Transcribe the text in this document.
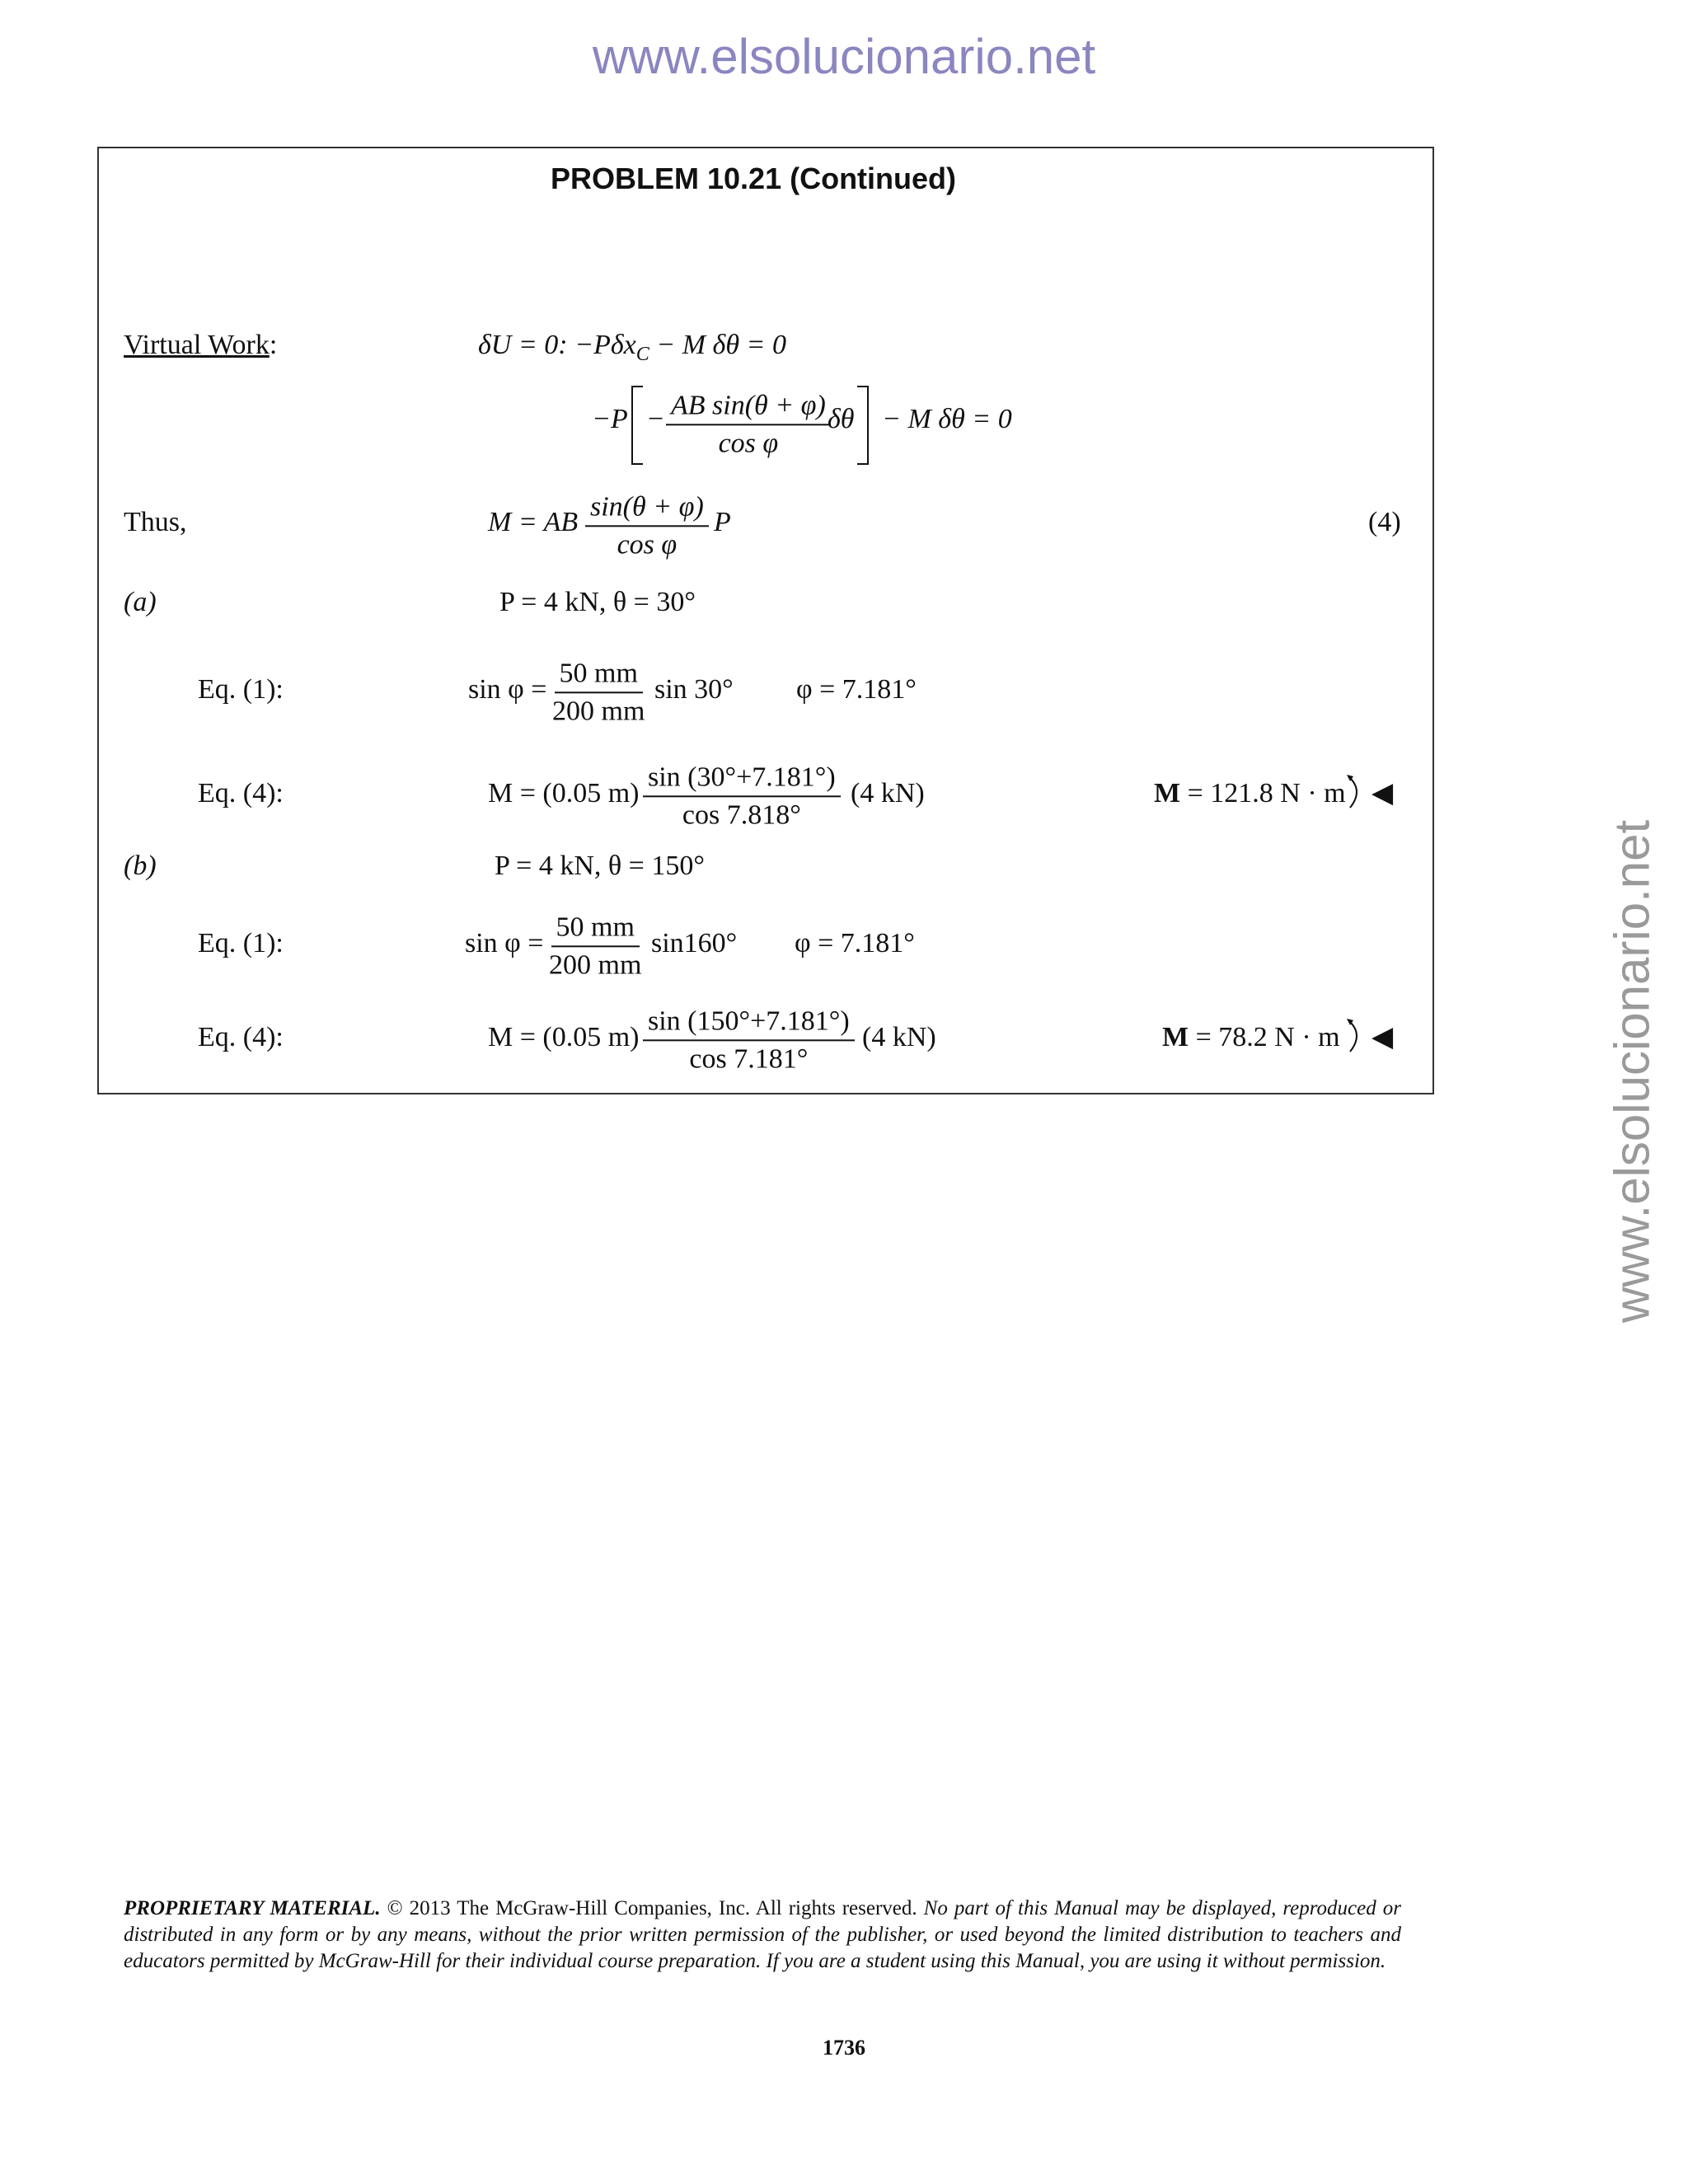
www.elsolucionario.net
www.elsolucionario.net
PROBLEM 10.21 (Continued)
Virtual Work:	δU = 0: −Pδx$_C$ − M δθ = 0
$-P - \frac{\text{AB sin(θ + φ)}}{\text{cos φ}}$
δθ − M δθ = 0
Thus,	M = AB $\frac{\sin(\theta + \varphi)}{\text{cos φ}}$ P	(4)
(a)	P = 4 kN, θ = 30°
Eq. (1):	$\sin \varphi = \frac{50 mm}{200 mm}$ sin 30° φ = 7.181°
Eq. (4):	M = (0.05 $m) \frac{\sin (30^\circ+7.181^\circ)}{\cos 7.818^\circ} (4$ kN)	M = 121.8 N · m ◀
(b)	P = 4 kN, θ = 150°
Eq. (1):	$\sin \varphi = \frac{50 mm}{200 mm} \sin 160^\circ$ φ = 7.181°
Eq. (4):	M = (0.05 $m) \frac{\sin (150^\circ+7.181^\circ)}{\cos 7.181^\circ} (4$ kN)	M = 78.2 N · m ◀
PROPRIETARY MATERIAL. © 2013 The McGraw-Hill Companies, Inc. All rights reserved. No part of this Manual may be displayed, reproduced or distributed in any form or by any means, without the prior written permission of the publisher, or used beyond the limited distribution to teachers and educators permitted by McGraw-Hill for their individual course preparation. If you are a student using this Manual, you are using it without permission.
1736
